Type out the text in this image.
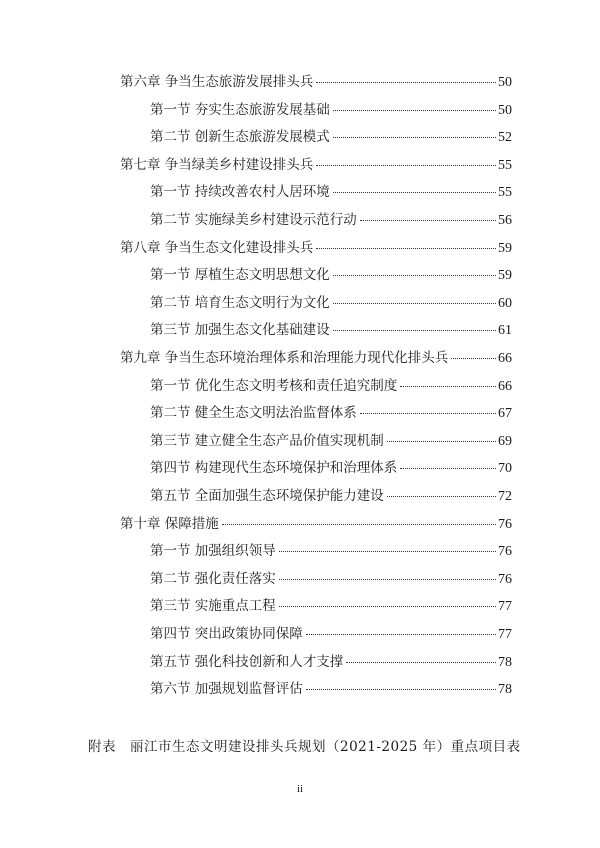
第六章 争当生态旅游发展排头兵	50
第一节 夯实生态旅游发展基础	50
第二节 创新生态旅游发展模式	52
第七章 争当绿美乡村建设排头兵	55
第一节 持续改善农村人居环境	55
第二节 实施绿美乡村建设示范行动	56
第八章 争当生态文化建设排头兵	59
第一节 厚植生态文明思想文化	59
第二节 培育生态文明行为文化	60
第三节 加强生态文化基础建设	61
第九章 争当生态环境治理体系和治理能力现代化排头兵	66
第一节 优化生态文明考核和责任追究制度	66
第二节 健全生态文明法治监督体系	67
第三节 建立健全生态产品价值实现机制	69
第四节 构建现代生态环境保护和治理体系	70
第五节 全面加强生态环境保护能力建设	72
第十章 保障措施	76
第一节 加强组织领导	76
第二节 强化责任落实	76
第三节 实施重点工程	77
第四节 突出政策协同保障	77
第五节 强化科技创新和人才支撑	78
第六节 加强规划监督评估	78
附表　丽江市生态文明建设排头兵规划（2021-2025 年）重点项目表
ii
